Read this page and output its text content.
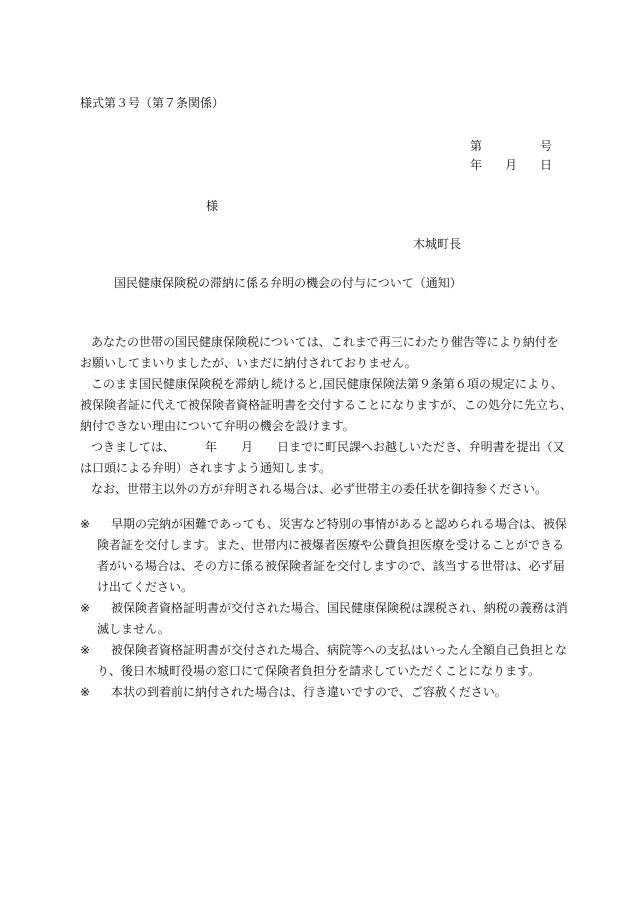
様式第３号（第７条関係）
第	号
年 月 日
様
木城町長
国民健康保険税の滞納に係る弁明の機会の付与について（通知）
あなたの世帯の国民健康保険税については、これまで再三にわたり催告等により納付を
お願いしてまいりましたが、いまだに納付されておりません。
このまま国民健康保険税を滞納し続けると,国民健康保険法第９条第６項の規定により、
被保険者証に代えて被保険者資格証明書を交付することになりますが、この処分に先立ち、
納付できない理由について弁明の機会を設けます。
つきましては、	年 月 日までに町民課へお越しいただき、弁明書を提出（又
は口頭による弁明）されますよう通知します。
なお、世帯主以外の方が弁明される場合は、必ず世帯主の委任状を御持参ください。
※	早期の完納が困難であっても、災害など特別の事情があると認められる場合は、被保
険者証を交付します。また、世帯内に被爆者医療や公費負担医療を受けることができる
者がいる場合は、その方に係る被保険者証を交付しますので、該当する世帯は、必ず届
け出てください。
※	被保険者資格証明書が交付された場合、国民健康保険税は課税され、納税の義務は消
滅しません。
※	被保険者資格証明書が交付された場合、病院等への支払はいったん全額自己負担とな
り、後日木城町役場の窓口にて保険者負担分を請求していただくことになります。
※	本状の到着前に納付された場合は、行き違いですので、ご容赦ください。
